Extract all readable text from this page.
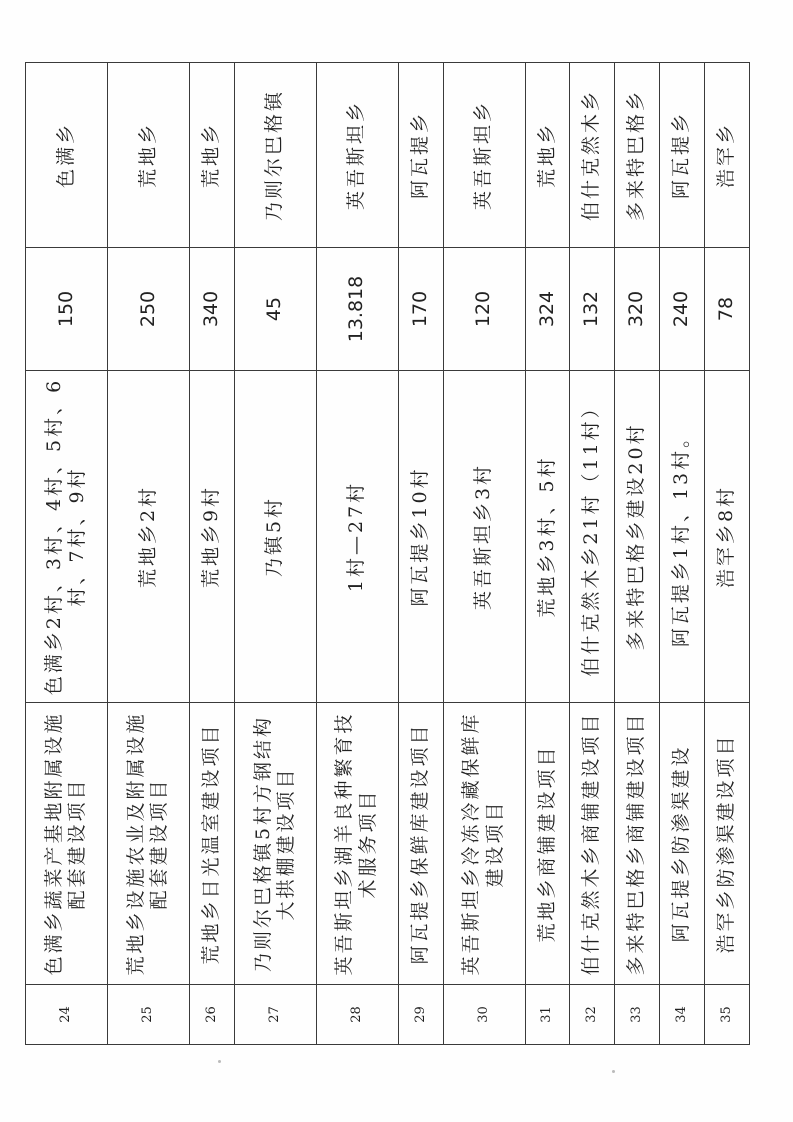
24	色满乡蔬菜产基地附属设施配套建设项目	色满乡2村、3村、4村、5村、6村、7村、9村	150	色满乡
25	荒地乡设施农业及附属设施配套建设项目	荒地乡2村	250	荒地乡
26	荒地乡日光温室建设项目	荒地乡9村	340	荒地乡
27	乃则尔巴格镇5村方钢结构大拱棚建设项目	乃镇5村	45	乃则尔巴格镇
28	英吾斯坦乡湖羊良种繁育技术服务项目	1村—27村	13.818	英吾斯坦乡
29	阿瓦提乡保鲜库建设项目	阿瓦提乡10村	170	阿瓦提乡
30	英吾斯坦乡冷冻冷藏保鲜库建设项目	英吾斯坦乡3村	120	英吾斯坦乡
31	荒地乡商铺建设项目	荒地乡3村、5村	324	荒地乡
32	伯什克然木乡商铺建设项目	伯什克然木乡21村（11村）	132	伯什克然木乡
33	多来特巴格乡商铺建设项目	多来特巴格乡建设20村	320	多来特巴格乡
34	阿瓦提乡防渗渠建设	阿瓦提乡1村、13村。	240	阿瓦提乡
35	浩罕乡防渗渠建设项目	浩罕乡8村	78	浩罕乡
